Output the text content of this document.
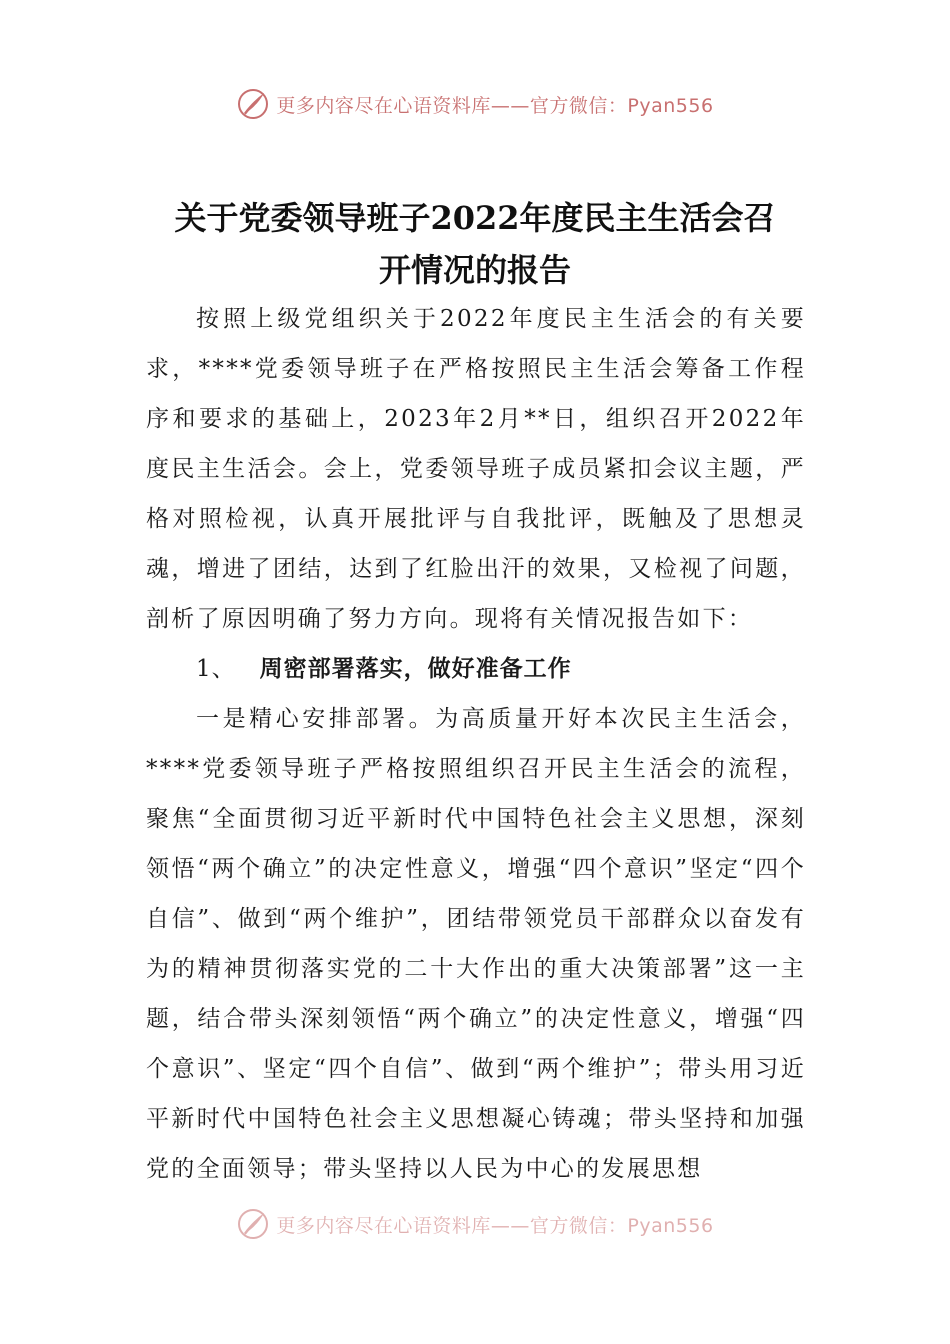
更多内容尽在心语资料库——官方微信：Pyan556
关于党委领导班子2022年度民主生活会召
开情况的报告

按照上级党组织关于2022年度民主生活会的有关要求，****党委领导班子在严格按照民主生活会筹备工作程序和要求的基础上，2023年2月**日，组织召开2022年度民主生活会。会上，党委领导班子成员紧扣会议主题，严格对照检视，认真开展批评与自我批评，既触及了思想灵魂，增进了团结，达到了红脸出汗的效果，又检视了问题，剖析了原因明确了努力方向。现将有关情况报告如下：

1、 周密部署落实，做好准备工作

一是精心安排部署。为高质量开好本次民主生活会，****党委领导班子严格按照组织召开民主生活会的流程，聚焦“全面贯彻习近平新时代中国特色社会主义思想，深刻领悟“两个确立”的决定性意义，增强“四个意识”坚定“四个自信”、做到“两个维护”，团结带领党员干部群众以奋发有为的精神贯彻落实党的二十大作出的重大决策部署”这一主题，结合带头深刻领悟“两个确立”的决定性意义，增强“四个意识”、坚定“四个自信”、做到“两个维护”；带头用习近平新时代中国特色社会主义思想凝心铸魂；带头坚持和加强党的全面领导；带头坚持以人民为中心的发展思想

更多内容尽在心语资料库——官方微信：Pyan556
